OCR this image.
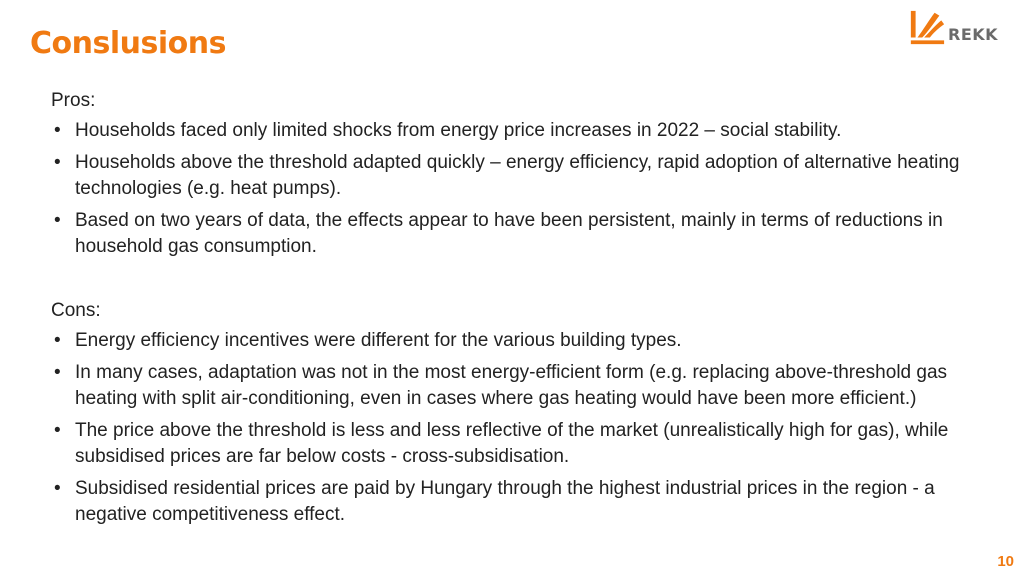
Conslusions	REKK
Pros:
• Households faced only limited shocks from energy price increases in 2022 – social stability.
• Households above the threshold adapted quickly – energy efficiency, rapid adoption of alternative heating technologies (e.g. heat pumps).
• Based on two years of data, the effects appear to have been persistent, mainly in terms of reductions in household gas consumption.
Cons:
• Energy efficiency incentives were different for the various building types.
• In many cases, adaptation was not in the most energy-efficient form (e.g. replacing above-threshold gas heating with split air-conditioning, even in cases where gas heating would have been more efficient.)
• The price above the threshold is less and less reflective of the market (unrealistically high for gas), while subsidised prices are far below costs - cross-subsidisation.
• Subsidised residential prices are paid by Hungary through the highest industrial prices in the region - a negative competitiveness effect.
10
